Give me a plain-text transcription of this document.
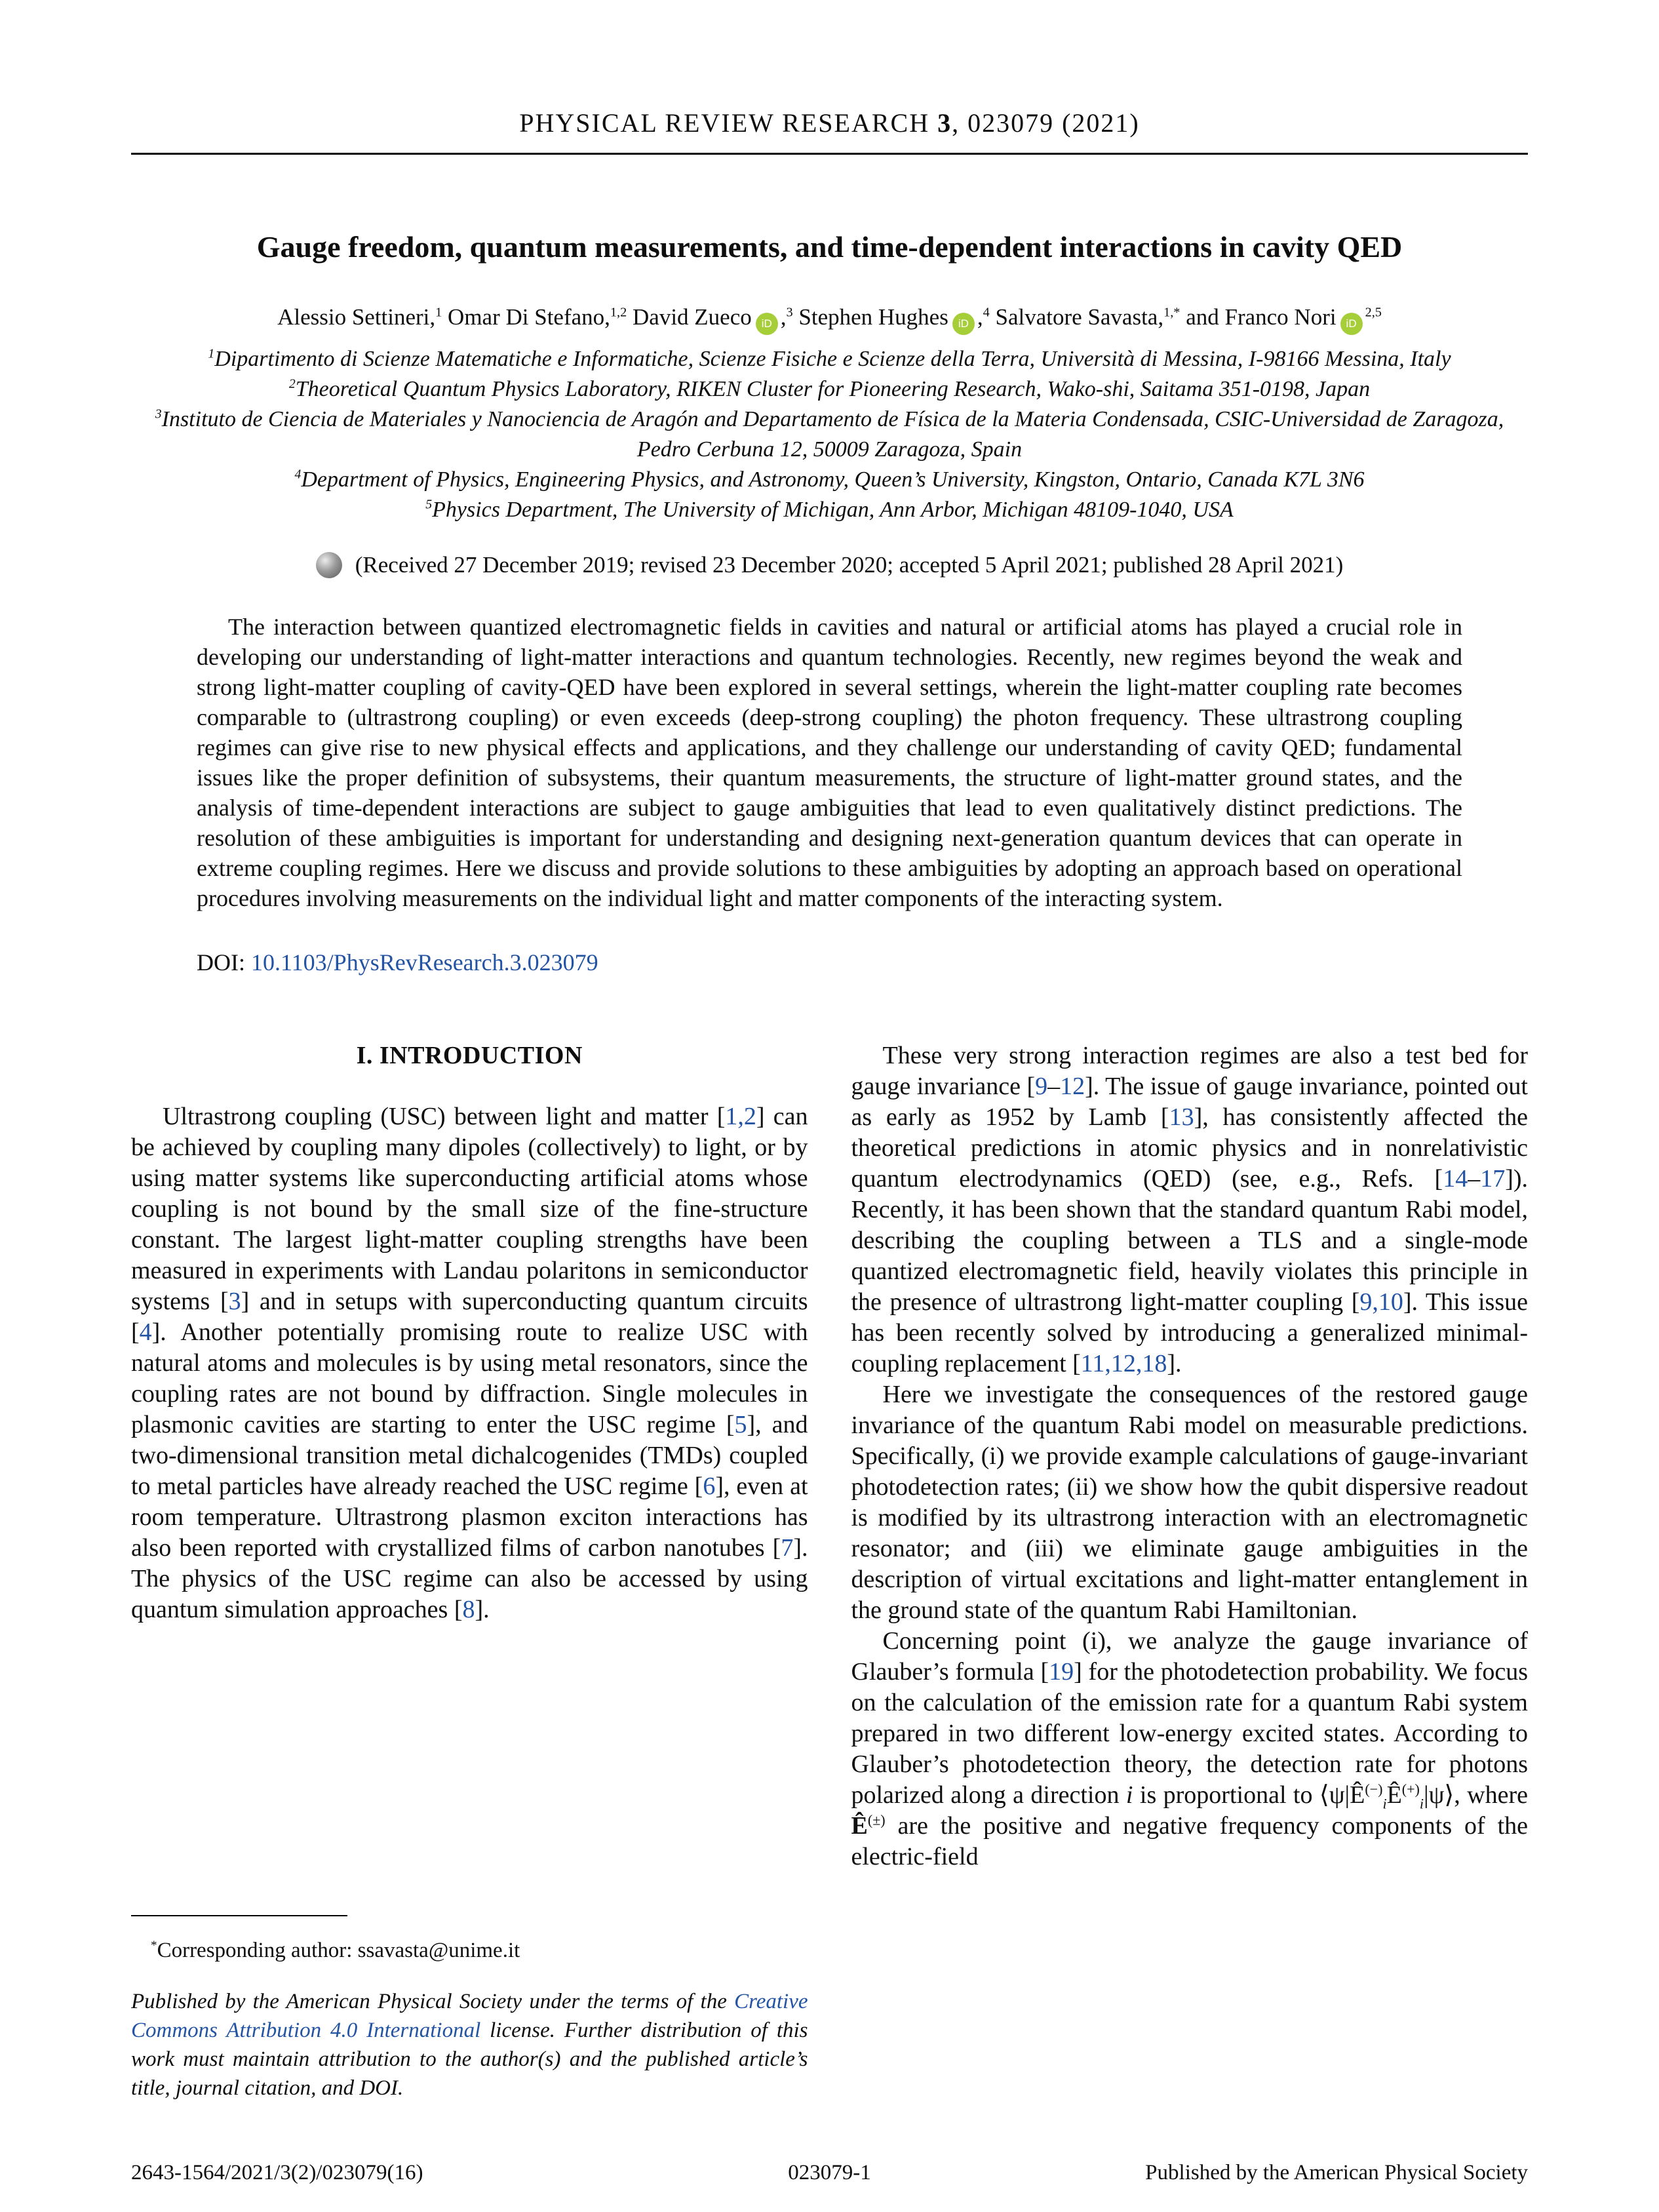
PHYSICAL REVIEW RESEARCH 3, 023079 (2021)
Gauge freedom, quantum measurements, and time-dependent interactions in cavity QED
Alessio Settineri,$^1$ Omar Di Stefano,$^{1,2}$ David Zueco iD ,$^3$ Stephen Hughes iD ,$^4$ Salvatore Savasta,$^{1,*}$ and Franco Nori iD$^{2,5}$
$^1$Dipartimento di Scienze Matematiche e Informatiche, Scienze Fisiche e Scienze della Terra, Università di Messina, I-98166 Messina, Italy
$^2$Theoretical Quantum Physics Laboratory, RIKEN Cluster for Pioneering Research, Wako-shi, Saitama 351-0198, Japan
$^3$Instituto de Ciencia de Materiales y Nanociencia de Aragón and Departamento de Física de la Materia Condensada, CSIC-Universidad de Zaragoza, Pedro Cerbuna 12, 50009 Zaragoza, Spain
$^4$Department of Physics, Engineering Physics, and Astronomy, Queen’s University, Kingston, Ontario, Canada K7L 3N6
$^5$Physics Department, The University of Michigan, Ann Arbor, Michigan 48109-1040, USA
(Received 27 December 2019; revised 23 December 2020; accepted 5 April 2021; published 28 April 2021)

The interaction between quantized electromagnetic fields in cavities and natural or artificial atoms has played a crucial role in developing our understanding of light-matter interactions and quantum technologies. Recently, new regimes beyond the weak and strong light-matter coupling of cavity-QED have been explored in several settings, wherein the light-matter coupling rate becomes comparable to (ultrastrong coupling) or even exceeds (deep-strong coupling) the photon frequency. These ultrastrong coupling regimes can give rise to new physical effects and applications, and they challenge our understanding of cavity QED; fundamental issues like the proper definition of subsystems, their quantum measurements, the structure of light-matter ground states, and the analysis of time-dependent interactions are subject to gauge ambiguities that lead to even qualitatively distinct predictions. The resolution of these ambiguities is important for understanding and designing next-generation quantum devices that can operate in extreme coupling regimes. Here we discuss and provide solutions to these ambiguities by adopting an approach based on operational procedures involving measurements on the individual light and matter components of the interacting system.

DOI: 10.1103/PhysRevResearch.3.023079
I. INTRODUCTION

Ultrastrong coupling (USC) between light and matter [1,2] can be achieved by coupling many dipoles (collectively) to light, or by using matter systems like superconducting artificial atoms whose coupling is not bound by the small size of the fine-structure constant. The largest light-matter coupling strengths have been measured in experiments with Landau polaritons in semiconductor systems [3] and in setups with superconducting quantum circuits [4]. Another potentially promising route to realize USC with natural atoms and molecules is by using metal resonators, since the coupling rates are not bound by diffraction. Single molecules in plasmonic cavities are starting to enter the USC regime [5], and two-dimensional transition metal dichalcogenides (TMDs) coupled to metal particles have already reached the USC regime [6], even at room temperature. Ultrastrong plasmon exciton interactions has also been reported with crystallized films of carbon nanotubes [7]. The physics of the USC regime can also be accessed by using quantum simulation approaches [8].

*Corresponding author: ssavasta@unime.it

Published by the American Physical Society under the terms of the Creative Commons Attribution 4.0 International license. Further distribution of this work must maintain attribution to the author(s) and the published article’s title, journal citation, and DOI.

These very strong interaction regimes are also a test bed for gauge invariance [9–12]. The issue of gauge invariance, pointed out as early as 1952 by Lamb [13], has consistently affected the theoretical predictions in atomic physics and in nonrelativistic quantum electrodynamics (QED) (see, e.g., Refs. [14–17]). Recently, it has been shown that the standard quantum Rabi model, describing the coupling between a TLS and a single-mode quantized electromagnetic field, heavily violates this principle in the presence of ultrastrong light-matter coupling [9,10]. This issue has been recently solved by introducing a generalized minimal-coupling replacement [11,12,18].

Here we investigate the consequences of the restored gauge invariance of the quantum Rabi model on measurable predictions. Specifically, (i) we provide example calculations of gauge-invariant photodetection rates; (ii) we show how the qubit dispersive readout is modified by its ultrastrong interaction with an electromagnetic resonator; and (iii) we eliminate gauge ambiguities in the description of virtual excitations and light-matter entanglement in the ground state of the quantum Rabi Hamiltonian.

Concerning point (i), we analyze the gauge invariance of Glauber’s formula [19] for the photodetection probability. We focus on the calculation of the emission rate for a quantum Rabi system prepared in two different low-energy excited states. According to Glauber’s photodetection theory, the detection rate for photons polarized along a direction i is proportional to $⟨\psi|Ê^{(-)}_iÊ^{(+)}_i|\psi⟩$, where Ê(±) are the positive and negative frequency components of the electric-field

2643-1564/2021/3(2)/023079(16)	023079-1	Published by the American Physical Society
